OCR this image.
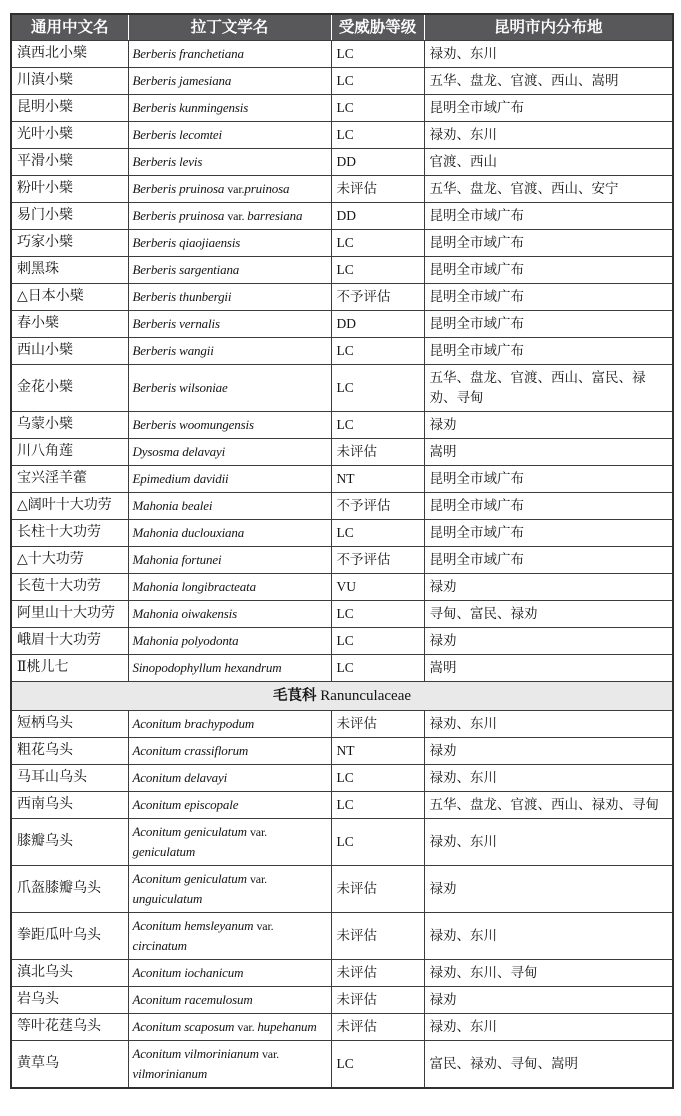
通用中文名	拉丁文学名	受威胁等级	昆明市内分布地
滇西北小檗	Berberis franchetiana	LC	禄劝、东川
川滇小檗	Berberis jamesiana	LC	五华、盘龙、官渡、西山、嵩明
昆明小檗	Berberis kunmingensis	LC	昆明全市域广布
光叶小檗	Berberis lecomtei	LC	禄劝、东川
平滑小檗	Berberis levis	DD	官渡、西山
粉叶小檗	Berberis pruinosa var.pruinosa	未评估	五华、盘龙、官渡、西山、安宁
易门小檗	Berberis pruinosa var. barresiana	DD	昆明全市域广布
巧家小檗	Berberis qiaojiaensis	LC	昆明全市域广布
刺黑珠	Berberis sargentiana	LC	昆明全市域广布
△日本小檗	Berberis thunbergii	不予评估	昆明全市域广布
春小檗	Berberis vernalis	DD	昆明全市域广布
西山小檗	Berberis wangii	LC	昆明全市域广布
金花小檗	Berberis wilsoniae	LC	五华、盘龙、官渡、西山、富民、禄劝、寻甸
乌蒙小檗	Berberis woomungensis	LC	禄劝
川八角莲	Dysosma delavayi	未评估	嵩明
宝兴淫羊藿	Epimedium davidii	NT	昆明全市域广布
△阔叶十大功劳	Mahonia bealei	不予评估	昆明全市域广布
长柱十大功劳	Mahonia duclouxiana	LC	昆明全市域广布
△十大功劳	Mahonia fortunei	不予评估	昆明全市域广布
长苞十大功劳	Mahonia longibracteata	VU	禄劝
阿里山十大功劳	Mahonia oiwakensis	LC	寻甸、富民、禄劝
峨眉十大功劳	Mahonia polyodonta	LC	禄劝
Ⅱ桃儿七	Sinopodophyllum hexandrum	LC	嵩明
毛茛科 Ranunculaceae			
短柄乌头	Aconitum brachypodum	未评估	禄劝、东川
粗花乌头	Aconitum crassiflorum	NT	禄劝
马耳山乌头	Aconitum delavayi	LC	禄劝、东川
西南乌头	Aconitum episcopale	LC	五华、盘龙、官渡、西山、禄劝、寻甸
膝瓣乌头	Aconitum geniculatum var. geniculatum	LC	禄劝、东川
爪盔膝瓣乌头	Aconitum geniculatum var. unguiculatum	未评估	禄劝
拳距瓜叶乌头	Aconitum hemsleyanum var. circinatum	未评估	禄劝、东川
滇北乌头	Aconitum iochanicum	未评估	禄劝、东川、寻甸
岩乌头	Aconitum racemulosum	未评估	禄劝
等叶花莛乌头	Aconitum scaposum var. hupehanum	未评估	禄劝、东川
黄草乌	Aconitum vilmorinianum var. vilmorinianum	LC	富民、禄劝、寻甸、嵩明
